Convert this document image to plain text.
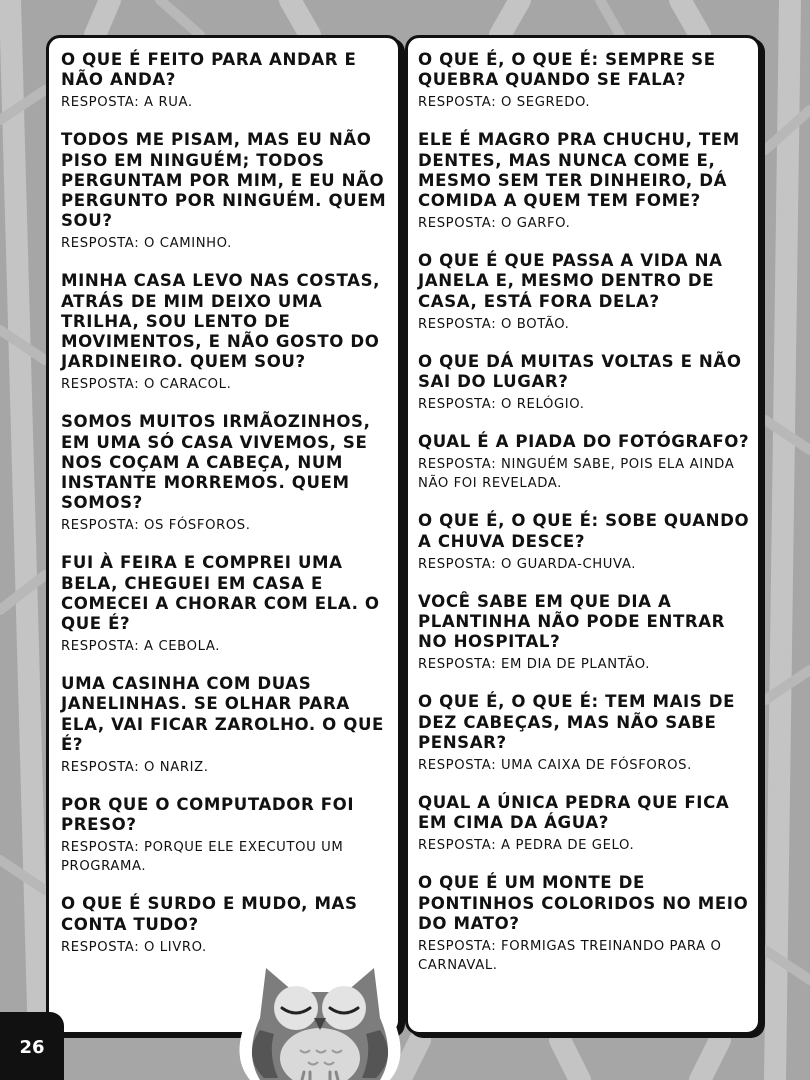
O QUE É FEITO PARA ANDAR E NÃO ANDA?

RESPOSTA: A RUA.

TODOS ME PISAM, MAS EU NÃO PISO EM NINGUÉM; TODOS PERGUNTAM POR MIM, E EU NÃO PERGUNTO POR NINGUÉM. QUEM SOU?

RESPOSTA: O CAMINHO.

MINHA CASA LEVO NAS COSTAS, ATRÁS DE MIM DEIXO UMA TRILHA, SOU LENTO DE MOVIMENTOS, E NÃO GOSTO DO JARDINEIRO. QUEM SOU?

RESPOSTA: O CARACOL.

SOMOS MUITOS IRMÃOZINHOS, EM UMA SÓ CASA VIVEMOS, SE NOS COÇAM A CABEÇA, NUM INSTANTE MORREMOS. QUEM SOMOS?

RESPOSTA: OS FÓSFOROS.

FUI À FEIRA E COMPREI UMA BELA, CHEGUEI EM CASA E COMECEI A CHORAR COM ELA. O QUE É?

RESPOSTA: A CEBOLA.

UMA CASINHA COM DUAS JANELINHAS. SE OLHAR PARA ELA, VAI FICAR ZAROLHO. O QUE É?

RESPOSTA: O NARIZ.

POR QUE O COMPUTADOR FOI PRESO?

RESPOSTA: PORQUE ELE EXECUTOU UM PROGRAMA.

O QUE É SURDO E MUDO, MAS CONTA TUDO?

RESPOSTA: O LIVRO.

O QUE É, O QUE É: SEMPRE SE QUEBRA QUANDO SE FALA?

RESPOSTA: O SEGREDO.

ELE É MAGRO PRA CHUCHU, TEM DENTES, MAS NUNCA COME E, MESMO SEM TER DINHEIRO, DÁ COMIDA A QUEM TEM FOME?

RESPOSTA: O GARFO.

O QUE É QUE PASSA A VIDA NA JANELA E, MESMO DENTRO DE CASA, ESTÁ FORA DELA?

RESPOSTA: O BOTÃO.

O QUE DÁ MUITAS VOLTAS E NÃO SAI DO LUGAR?

RESPOSTA: O RELÓGIO.

QUAL É A PIADA DO FOTÓGRAFO?

RESPOSTA: NINGUÉM SABE, POIS ELA AINDA NÃO FOI REVELADA.

O QUE É, O QUE É: SOBE QUANDO A CHUVA DESCE?

RESPOSTA: O GUARDA-CHUVA.

VOCÊ SABE EM QUE DIA A PLANTINHA NÃO PODE ENTRAR NO HOSPITAL?

RESPOSTA: EM DIA DE PLANTÃO.

O QUE É, O QUE É: TEM MAIS DE DEZ CABEÇAS, MAS NÃO SABE PENSAR?

RESPOSTA: UMA CAIXA DE FÓSFOROS.

QUAL A ÚNICA PEDRA QUE FICA EM CIMA DA ÁGUA?

RESPOSTA: A PEDRA DE GELO.

O QUE É UM MONTE DE PONTINHOS COLORIDOS NO MEIO DO MATO?

RESPOSTA: FORMIGAS TREINANDO PARA O CARNAVAL.

26
